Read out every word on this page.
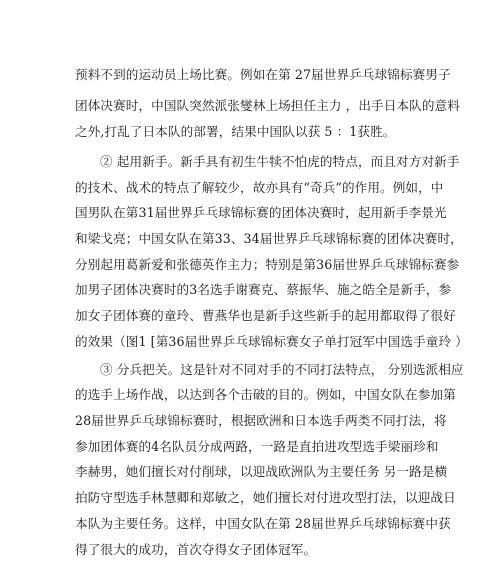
预料不到的运动员上场比赛。例如在第 27届世界乒乓球锦标赛男子
团体决赛时，中国队突然派张燮林上场担任主力 ，出手日本队的意料
之外,打乱了日本队的部署，结果中国队以获 5 ：1获胜。
② 起用新手。新手具有初生牛犊不怕虎的特点，而且对方对新手
的技术、战术的特点了解较少，故亦具有“奇兵”的作用。例如，中
国男队在第31届世界乒乓球锦标赛的团体决赛时，起用新手李景光
和梁戈亮；中国女队在第33、34届世界乒乓球锦标赛的团体决赛时，
分别起用葛新爱和张德英作主力；特别是第36届世界乒乓球锦标赛参
加男子团体决赛时的3名选手谢赛克、蔡振华、施之皓全是新手，参
加女子团体赛的童玲、曹燕华也是新手这些新手的起用都取得了很好
的效果（图1 [第36届世界乒乓球锦标赛女子单打冠军中国选手童玲 ）
③ 分兵把关。这是针对不同对手的不同打法特点， 分别选派相应
的选手上场作战，以达到各个击破的目的。例如，中国女队在参加第
28届世界乒乓球锦标赛时，根据欧洲和日本选手两类不同打法，将
参加团体赛的4名队员分成两路，一路是直拍进攻型选手梁丽珍和
李赫男，她们擅长对付削球，以迎战欧洲队为主要任务 另一路是横
拍防守型选手林慧卿和郑敏之，她们擅长对付进攻型打法，以迎战日
本队为主要任务。这样，中国女队在第 28届世界乒乓球锦标赛中获
得了很大的成功，首次夺得女子团体冠军。
